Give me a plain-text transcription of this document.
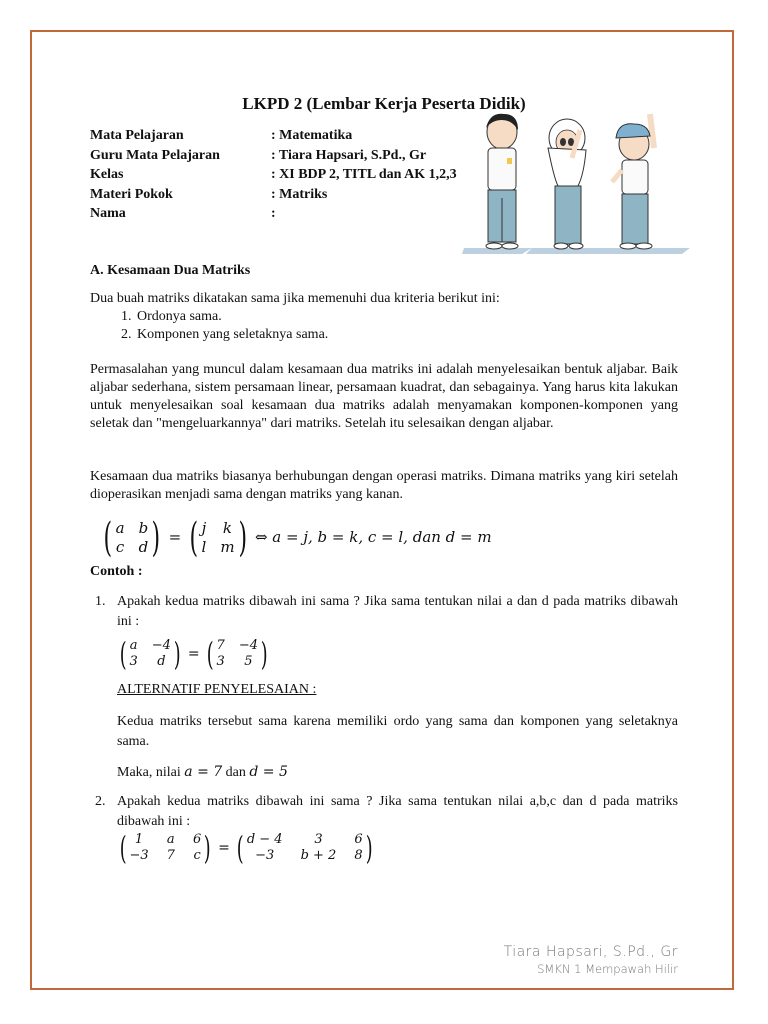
LKPD 2 (Lembar Kerja Peserta Didik)
Mata Pelajaran	: Matematika
Guru Mata Pelajaran	: Tiara Hapsari, S.Pd., Gr
Kelas	: XI BDP 2, TITL dan AK 1,2,3
Materi Pokok	: Matriks
Nama	:
A. Kesamaan Dua Matriks

Dua buah matriks dikatakan sama jika memenuhi dua kriteria berikut ini:

1. Ordonya sama.
2. Komponen yang seletaknya sama.
Permasalahan yang muncul dalam kesamaan dua matriks ini adalah menyelesaikan bentuk aljabar. Baik aljabar sederhana, sistem persamaan linear, persamaan kuadrat, dan sebagainya. Yang harus kita lakukan untuk menyelesaikan soal kesamaan dua matriks adalah menyamakan komponen-komponen yang seletak dan "mengeluarkannya" dari matriks. Setelah itu selesaikan dengan aljabar.
Kesamaan dua matriks biasanya berhubungan dengan operasi matriks. Dimana matriks yang kiri setelah dioperasikan menjadi sama dengan matriks yang kanan.
( a b
c d ) = ( j k
l m ) ⇔ a = j, b = k, c = l, dan d = m
Contoh :
1. Apakah kedua matriks dibawah ini sama ? Jika sama tentukan nilai a dan d pada matriks dibawah ini :

( a −4
3	d ) = ( 7 −4
3	5 )

ALTERNATIF PENYELESAIAN :

Kedua matriks tersebut sama karena memiliki ordo yang sama dan komponen yang seletaknya sama.

Maka, nilai a = 7 dan d = 5

2. Apakah kedua matriks dibawah ini sama ? Jika sama tentukan nilai a,b,c dan d pada matriks dibawah ini :

( 1	a 6
−3 7 c ) = ( d − 4	3	6
−3	b + 2 8 )
Tiara Hapsari, S.Pd., Gr
SMKN 1 Mempawah Hilir
